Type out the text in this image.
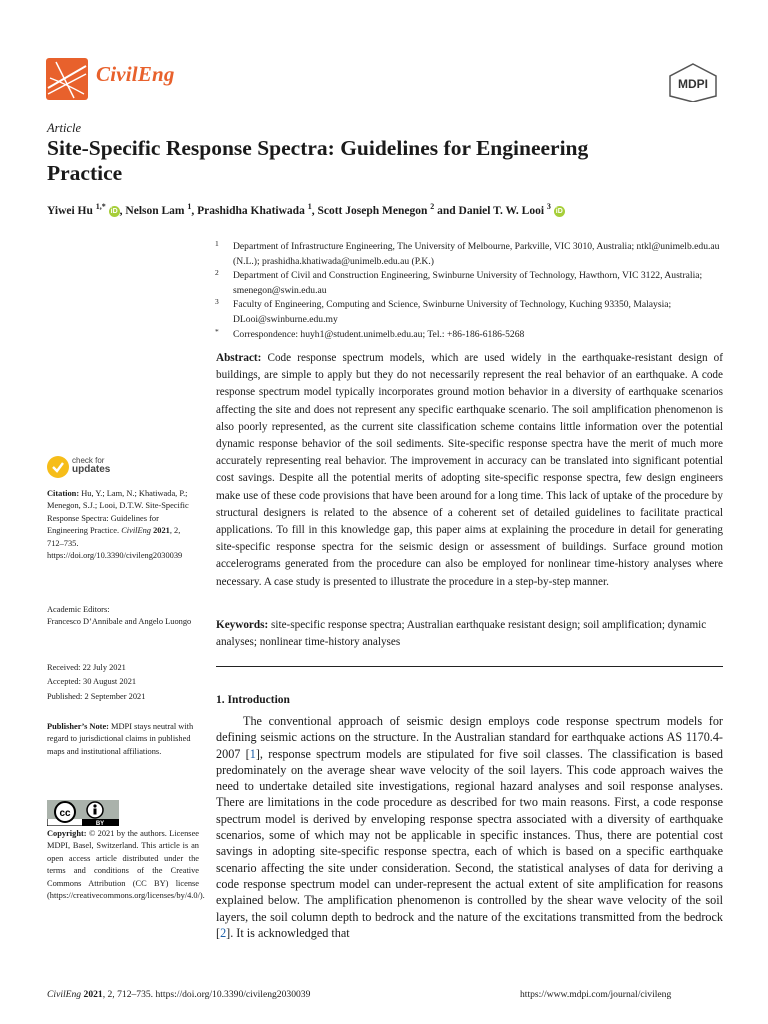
CivilEng	MDPI
Article
Site-Specific Response Spectra: Guidelines for Engineering Practice
Yiwei Hu $^{1,*}$ iD , Nelson Lam $^1$, Prashidha Khatiwada $^1$, Scott Joseph Menegon $^2$ and Daniel T. W. Looi $^3$ iD
1 Department of Infrastructure Engineering, The University of Melbourne, Parkville, VIC 3010, Australia; ntkl@unimelb.edu.au (N.L.); prashidha.khatiwada@unimelb.edu.au (P.K.)
2 Department of Civil and Construction Engineering, Swinburne University of Technology, Hawthorn, VIC 3122, Australia; smenegon@swin.edu.au
3 Faculty of Engineering, Computing and Science, Swinburne University of Technology, Kuching 93350, Malaysia; DLooi@swinburne.edu.my
* Correspondence: huyh1@student.unimelb.edu.au; Tel.: +86-186-6186-5268
Abstract: Code response spectrum models, which are used widely in the earthquake-resistant design of buildings, are simple to apply but they do not necessarily represent the real behavior of an earthquake. A code response spectrum model typically incorporates ground motion behavior in a diversity of earthquake scenarios affecting the site and does not represent any specific earthquake scenario. The soil amplification phenomenon is also poorly represented, as the current site classification scheme contains little information over the potential dynamic response behavior of the soil sediments. Site-specific response spectra have the merit of much more accurately representing real behavior. The improvement in accuracy can be translated into significant potential cost savings. Despite all the potential merits of adopting site-specific response spectra, few design engineers make use of these code provisions that have been around for a long time. This lack of uptake of the procedure by structural designers is related to the absence of a coherent set of detailed guidelines to facilitate practical applications. To fill in this knowledge gap, this paper aims at explaining the procedure in detail for generating site-specific response spectra for the seismic design or assessment of buildings. Surface ground motion accelerograms generated from the procedure can also be employed for nonlinear time-history analyses where necessary. A case study is presented to illustrate the procedure in a step-by-step manner.
Keywords: site-specific response spectra; Australian earthquake resistant design; soil amplification; dynamic analyses; nonlinear time-history analyses
1. Introduction
The conventional approach of seismic design employs code response spectrum models for defining seismic actions on the structure. In the Australian standard for earthquake actions AS 1170.4-2007 [1], response spectrum models are stipulated for five soil classes. The classification is based predominately on the average shear wave velocity of the soil layers. This code approach waives the need to undertake detailed site investigations, regional hazard analyses and soil response analyses. There are limitations in the code procedure as described for two main reasons. First, a code response spectrum model is derived by enveloping response spectra associated with a diversity of earthquake scenarios, some of which may not be applicable in specific instances. Thus, there are potential cost savings in adopting site-specific response spectra, each of which is based on a specific earthquake scenario affecting the site under consideration. Second, the statistical analyses of data for deriving a code response spectrum model can under-represent the actual extent of site amplification for reasons explained below. The amplification phenomenon is controlled by the shear wave velocity of the soil layers, the soil column depth to bedrock and the nature of the excitations transmitted from the bedrock [2]. It is acknowledged that
check for
updates
Citation: Hu, Y.; Lam, N.; Khatiwada, P.; Menegon, S.J.; Looi, D.T.W. Site-Specific Response Spectra: Guidelines for Engineering Practice. CivilEng 2021, 2, 712–735. https://doi.org/10.3390/civileng2030039
Academic Editors:
Francesco D’Annibale and Angelo Luongo
Received: 22 July 2021
Accepted: 30 August 2021
Published: 2 September 2021
Publisher’s Note: MDPI stays neutral with regard to jurisdictional claims in published maps and institutional affiliations.
cc
BY
Copyright: © 2021 by the authors. Licensee MDPI, Basel, Switzerland. This article is an open access article distributed under the terms and conditions of the Creative Commons Attribution (CC BY) license (https://creativecommons.org/licenses/by/4.0/).
CivilEng 2021, 2, 712–735. https://doi.org/10.3390/civileng2030039	https://www.mdpi.com/journal/civileng
